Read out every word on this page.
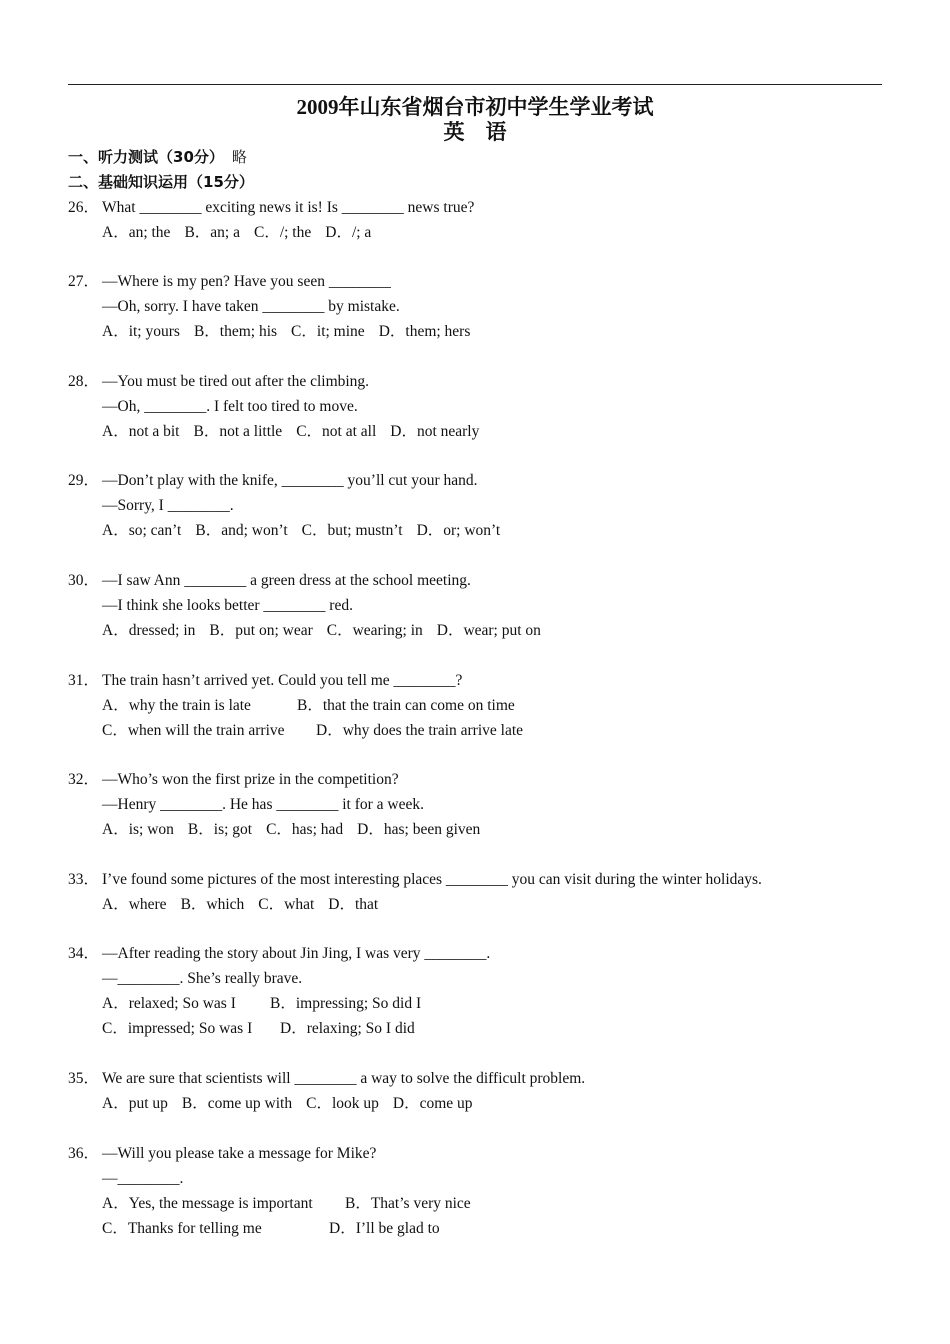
2009年山东省烟台市初中学生学业考试
英　语
一、听力测试（30分） 略
二、基础知识运用（15分）
26． What ________ exciting news it is! Is ________ news true?
A．an; the B．an; a C．/; the D．/; a
27． —Where is my pen? Have you seen ________
—Oh, sorry. I have taken ________ by mistake.
A．it; yours B．them; his C．it; mine D．them; hers
28． —You must be tired out after the climbing.
—Oh, ________. I felt too tired to move.
A．not a bit B．not a little C．not at all D．not nearly
29． —Don’t play with the knife, ________ you’ll cut your hand.
—Sorry, I ________.
A．so; can’t B．and; won’t C．but; mustn’t D．or; won’t
30． —I saw Ann ________ a green dress at the school meeting.
—I think she looks better ________ red.
A．dressed; in B．put on; wear C．wearing; in D．wear; put on
31． The train hasn’t arrived yet. Could you tell me ________?
A．why the train is late	B．that the train can come on time
C．when will the train arrive D．why does the train arrive late
32． —Who’s won the first prize in the competition?
—Henry ________. He has ________ it for a week.
A．is; won B．is; got C．has; had D．has; been given
33． I’ve found some pictures of the most interesting places ________ you can visit during the winter holidays.
A．where B．which C．what D．that
34． —After reading the story about Jin Jing, I was very ________.
—________. She’s really brave.
A．relaxed; So was I B．impressing; So did I
C．impressed; So was I D．relaxing; So I did
35． We are sure that scientists will ________ a way to solve the difficult problem.
A．put up B．come up with C．look up D．come up
36． —Will you please take a message for Mike?
—________.
A．Yes, the message is important B．That’s very nice
C．Thanks for telling me	D．I’ll be glad to
